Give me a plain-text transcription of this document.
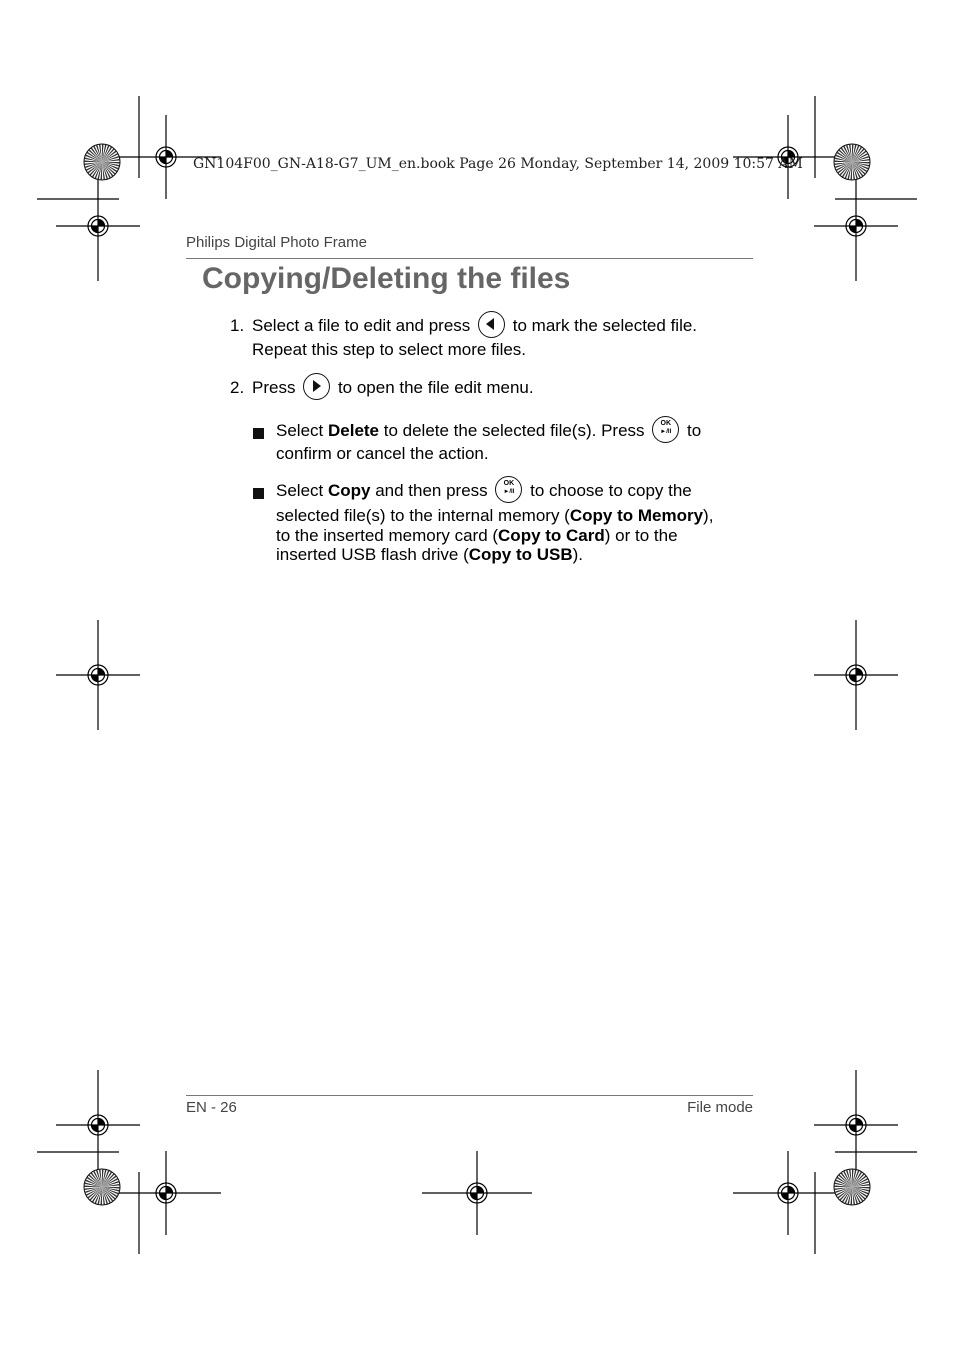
GN104F00_GN-A18-G7_UM_en.book Page 26 Monday, September 14, 2009 10:57 AM
Philips Digital Photo Frame
Copying/Deleting the files
1. Select a file to edit and press to mark the selected file.
Repeat this step to select more files.
2. Press to open the file edit menu.
Select Delete to delete the selected file(s). Press	OK
►/II to
confirm or cancel the action.
Select Copy and then press	OK
►/II to choose to copy the
selected file(s) to the internal memory (Copy to Memory),
to the inserted memory card (Copy to Card) or to the
inserted USB flash drive (Copy to USB).
EN - 26	File mode
